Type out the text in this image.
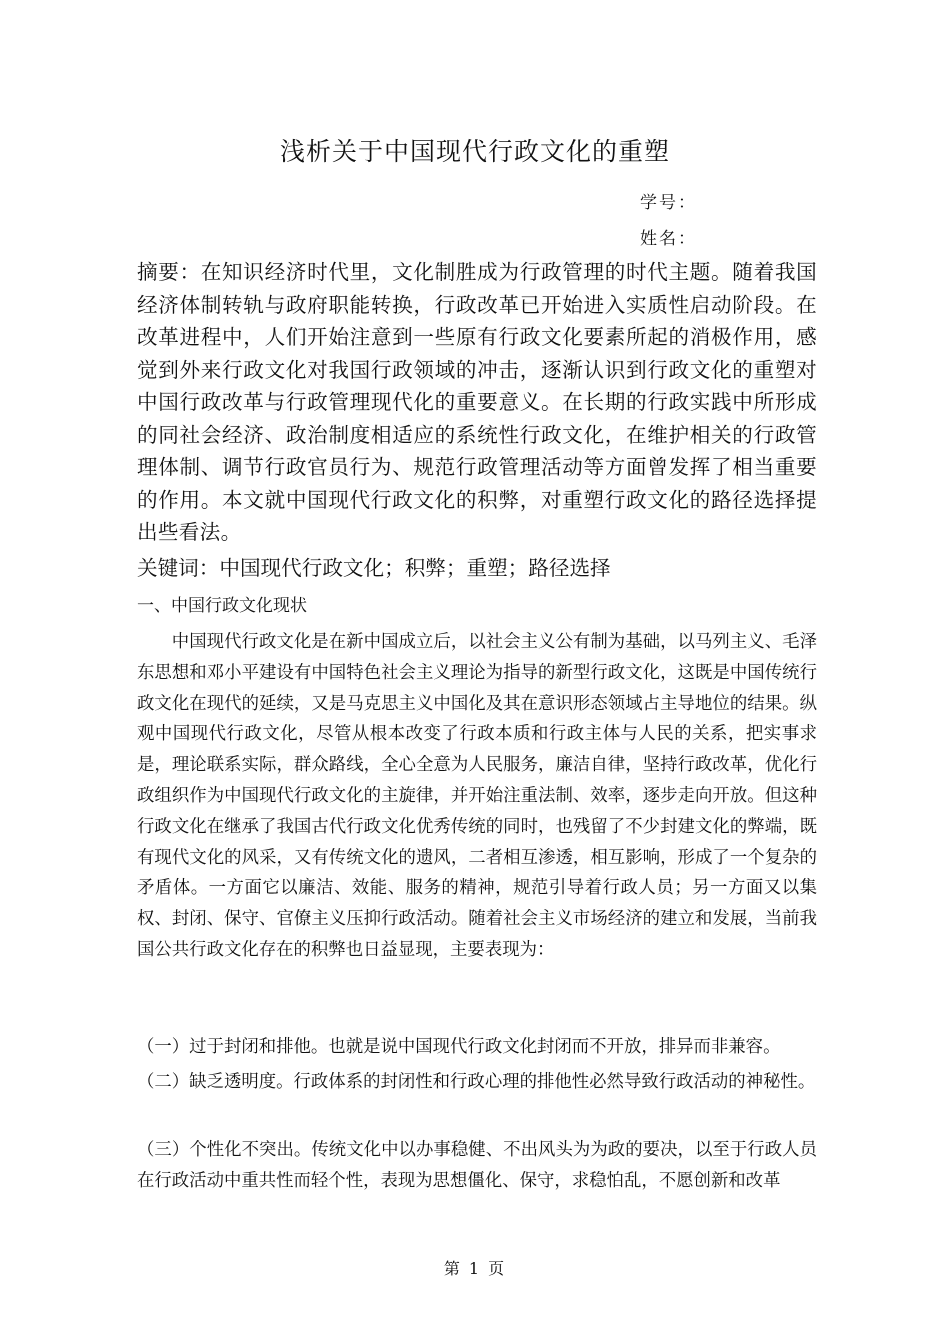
浅析关于中国现代行政文化的重塑
学号：
姓名：
摘要：在知识经济时代里，文化制胜成为行政管理的时代主题。随着我国经济体制转轨与政府职能转换，行政改革已开始进入实质性启动阶段。在改革进程中，人们开始注意到一些原有行政文化要素所起的消极作用，感觉到外来行政文化对我国行政领域的冲击，逐渐认识到行政文化的重塑对中国行政改革与行政管理现代化的重要意义。在长期的行政实践中所形成的同社会经济、政治制度相适应的系统性行政文化，在维护相关的行政管理体制、调节行政官员行为、规范行政管理活动等方面曾发挥了相当重要的作用。本文就中国现代行政文化的积弊，对重塑行政文化的路径选择提出些看法。
关键词：中国现代行政文化；积弊；重塑；路径选择
一、中国行政文化现状
中国现代行政文化是在新中国成立后，以社会主义公有制为基础，以马列主义、毛泽东思想和邓小平建设有中国特色社会主义理论为指导的新型行政文化，这既是中国传统行政文化在现代的延续，又是马克思主义中国化及其在意识形态领域占主导地位的结果。纵观中国现代行政文化，尽管从根本改变了行政本质和行政主体与人民的关系，把实事求是，理论联系实际，群众路线，全心全意为人民服务，廉洁自律，坚持行政改革，优化行政组织作为中国现代行政文化的主旋律，并开始注重法制、效率，逐步走向开放。但这种行政文化在继承了我国古代行政文化优秀传统的同时，也残留了不少封建文化的弊端，既有现代文化的风采，又有传统文化的遗风，二者相互渗透，相互影响，形成了一个复杂的矛盾体。一方面它以廉洁、效能、服务的精神，规范引导着行政人员；另一方面又以集权、封闭、保守、官僚主义压抑行政活动。随着社会主义市场经济的建立和发展，当前我国公共行政文化存在的积弊也日益显现，主要表现为：
（一）过于封闭和排他。也就是说中国现代行政文化封闭而不开放，排异而非兼容。
（二）缺乏透明度。行政体系的封闭性和行政心理的排他性必然导致行政活动的神秘性。
（三）个性化不突出。传统文化中以办事稳健、不出风头为为政的要决，以至于行政人员在行政活动中重共性而轻个性，表现为思想僵化、保守，求稳怕乱，不愿创新和改革
第 1 页
